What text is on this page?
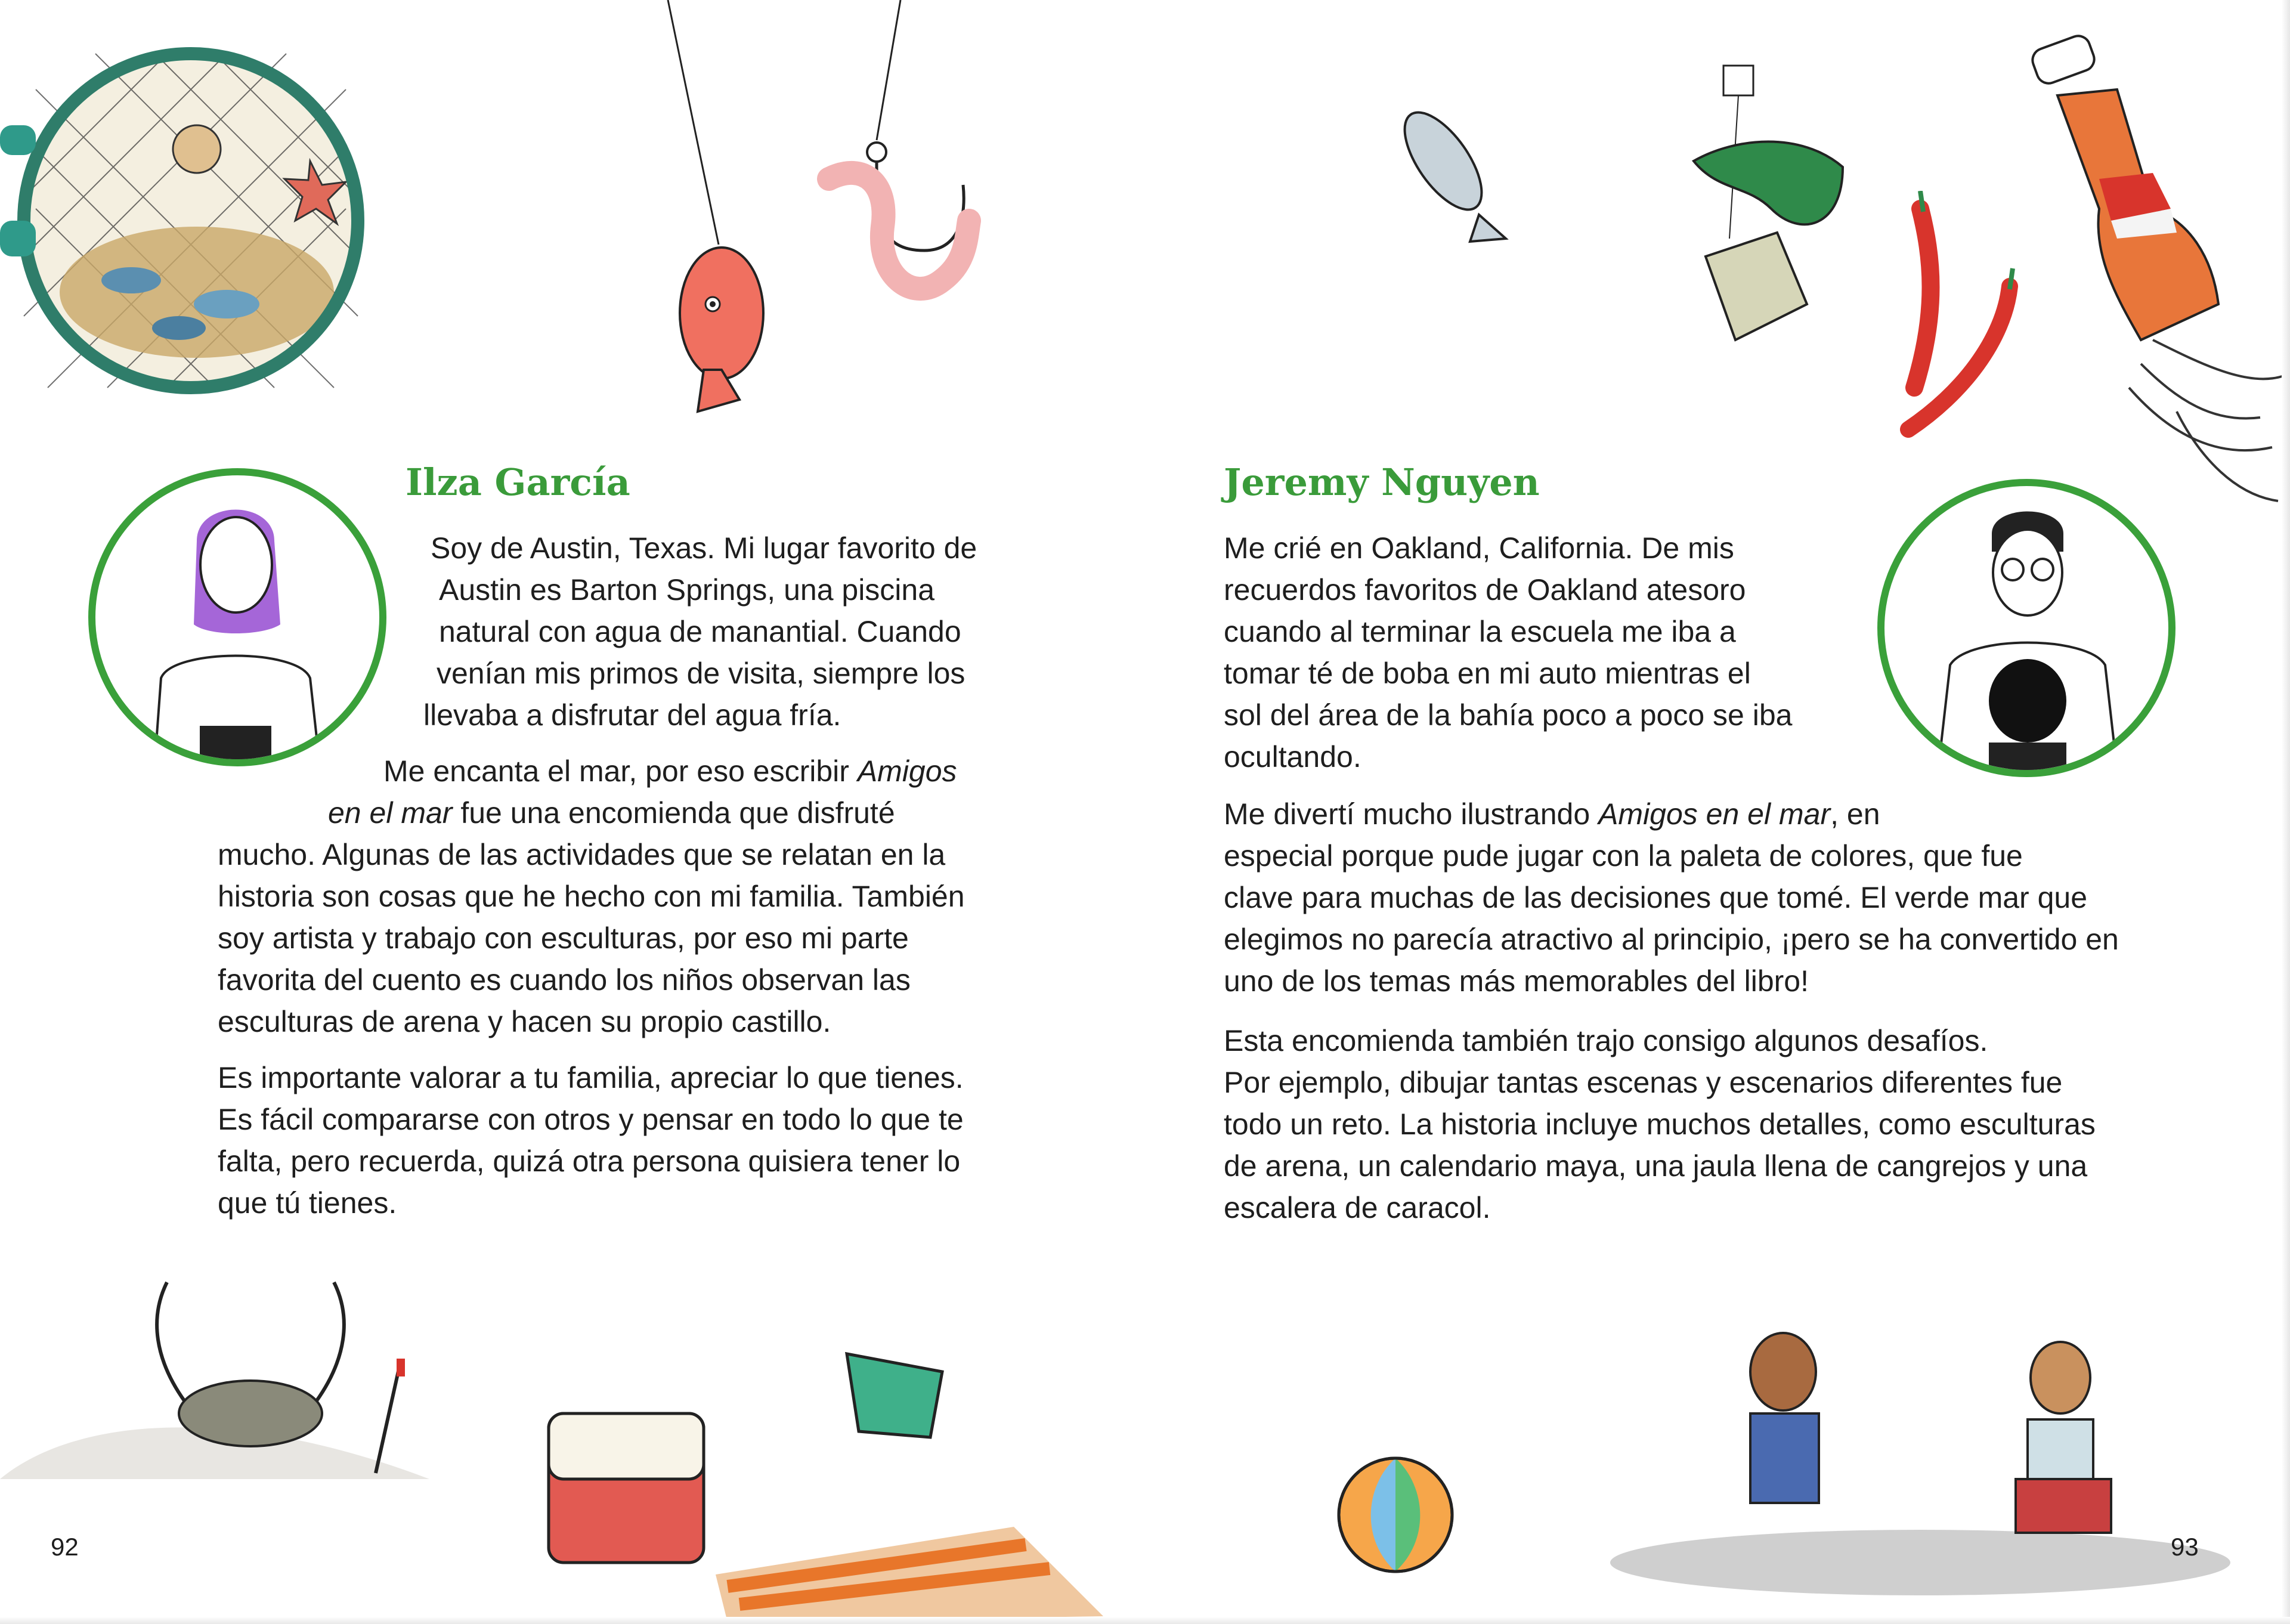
Ilza García
Soy de Austin, Texas. Mi lugar favorito de
Austin es Barton Springs, una piscina
natural con agua de manantial. Cuando
venían mis primos de visita, siempre los
llevaba a disfrutar del agua fría.
Me encanta el mar, por eso escribir Amigos
en el mar fue una encomienda que disfruté
mucho. Algunas de las actividades que se relatan en la
historia son cosas que he hecho con mi familia. También
soy artista y trabajo con esculturas, por eso mi parte
favorita del cuento es cuando los niños observan las
esculturas de arena y hacen su propio castillo.
Es importante valorar a tu familia, apreciar lo que tienes.
Es fácil compararse con otros y pensar en todo lo que te
falta, pero recuerda, quizá otra persona quisiera tener lo
que tú tienes.
Jeremy Nguyen
Me crié en Oakland, California. De mis
recuerdos favoritos de Oakland atesoro
cuando al terminar la escuela me iba a
tomar té de boba en mi auto mientras el
sol del área de la bahía poco a poco se iba
ocultando.
Me divertí mucho ilustrando Amigos en el mar, en
especial porque pude jugar con la paleta de colores, que fue
clave para muchas de las decisiones que tomé. El verde mar que
elegimos no parecía atractivo al principio, ¡pero se ha convertido en
uno de los temas más memorables del libro!
Esta encomienda también trajo consigo algunos desafíos.
Por ejemplo, dibujar tantas escenas y escenarios diferentes fue
todo un reto. La historia incluye muchos detalles, como esculturas
de arena, un calendario maya, una jaula llena de cangrejos y una
escalera de caracol.
92	93
